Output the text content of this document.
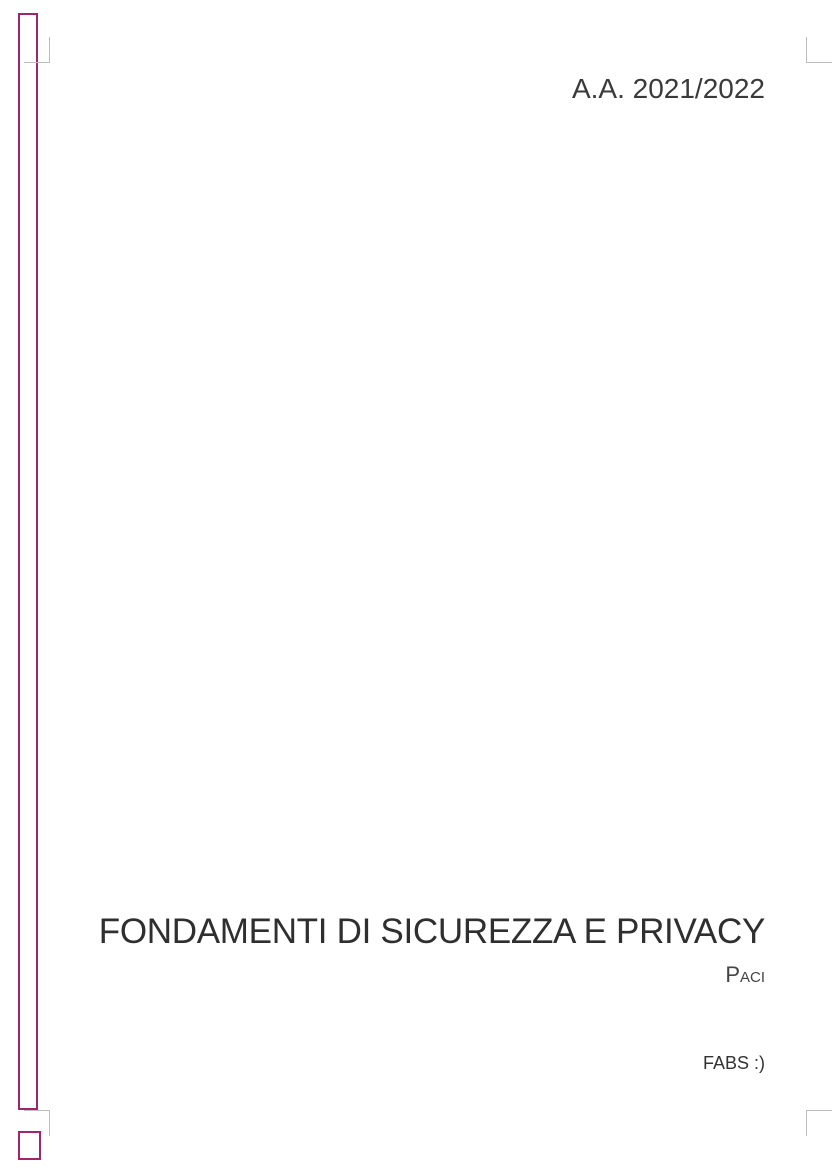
A.A. 2021/2022
FONDAMENTI DI SICUREZZA E PRIVACY
Paci
FABS :)
